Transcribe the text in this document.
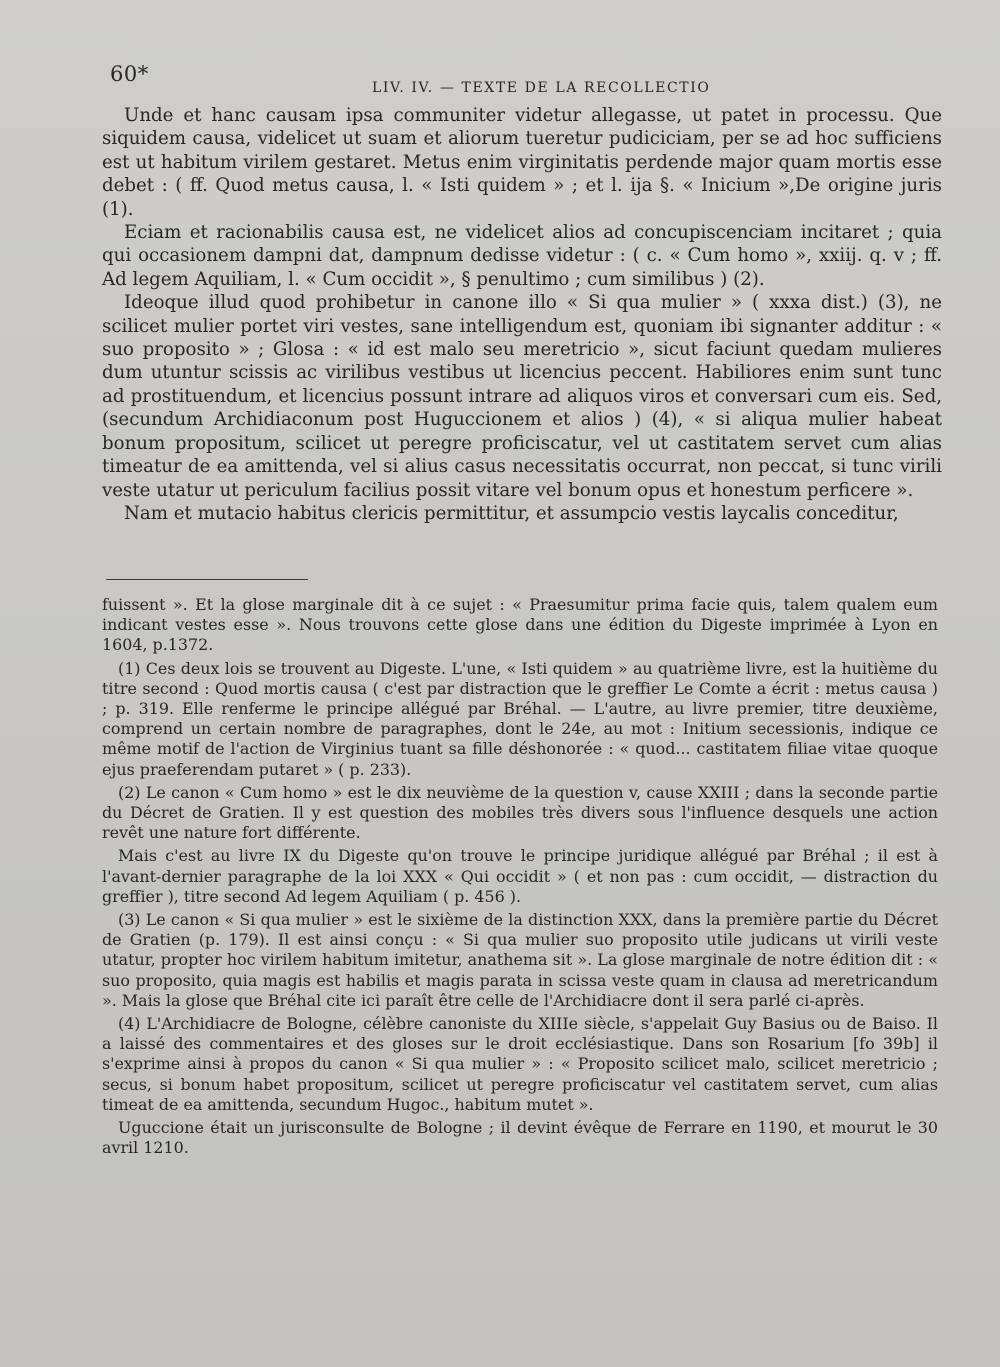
60*
LIV. IV. — TEXTE DE LA RECOLLECTIO

Unde et hanc causam ipsa communiter videtur allegasse, ut patet in processu. Que siquidem causa, videlicet ut suam et aliorum tueretur pudiciciam, per se ad hoc sufficiens est ut habitum virilem gestaret. Metus enim virginitatis perdende major quam mortis esse debet : ( ff. Quod metus causa, l. « Isti quidem » ; et l. ija §. « Inicium »,De origine juris (1).

Eciam et racionabilis causa est, ne videlicet alios ad concupiscenciam incitaret ; quia qui occasionem dampni dat, dampnum dedisse videtur : ( c. « Cum homo », xxiij. q. v ; ff. Ad legem Aquiliam, l. « Cum occidit », § penultimo ; cum similibus ) (2).

Ideoque illud quod prohibetur in canone illo « Si qua mulier » ( xxxa dist.) (3), ne scilicet mulier portet viri vestes, sane intelligendum est, quoniam ibi signanter additur : « suo proposito » ; Glosa : « id est malo seu meretricio », sicut faciunt quedam mulieres dum utuntur scissis ac virilibus vestibus ut licencius peccent. Habiliores enim sunt tunc ad prostituendum, et licencius possunt intrare ad aliquos viros et conversari cum eis. Sed, (secundum Archidiaconum post Huguccionem et alios ) (4), « si aliqua mulier habeat bonum propositum, scilicet ut peregre proficiscatur, vel ut castitatem servet cum alias timeatur de ea amittenda, vel si alius casus necessitatis occurrat, non peccat, si tunc virili veste utatur ut periculum facilius possit vitare vel bonum opus et honestum perficere ».

Nam et mutacio habitus clericis permittitur, et assumpcio vestis laycalis conceditur,

fuissent ». Et la glose marginale dit à ce sujet : « Praesumitur prima facie quis, talem qualem eum indicant vestes esse ». Nous trouvons cette glose dans une édition du Digeste imprimée à Lyon en 1604, p.1372.

(1) Ces deux lois se trouvent au Digeste. L'une, « Isti quidem » au quatrième livre, est la huitième du titre second : Quod mortis causa ( c'est par distraction que le greffier Le Comte a écrit : metus causa ) ; p. 319. Elle renferme le principe allégué par Bréhal. — L'autre, au livre premier, titre deuxième, comprend un certain nombre de paragraphes, dont le 24e, au mot : Initium secessionis, indique ce même motif de l'action de Virginius tuant sa fille déshonorée : « quod... castitatem filiae vitae quoque ejus praeferendam putaret » ( p. 233).

(2) Le canon « Cum homo » est le dix neuvième de la question v, cause XXIII ; dans la seconde partie du Décret de Gratien. Il y est question des mobiles très divers sous l'influence desquels une action revêt une nature fort différente.

Mais c'est au livre IX du Digeste qu'on trouve le principe juridique allégué par Bréhal ; il est à l'avant-dernier paragraphe de la loi XXX « Qui occidit » ( et non pas : cum occidit, — distraction du greffier ), titre second Ad legem Aquiliam ( p. 456 ).

(3) Le canon « Si qua mulier » est le sixième de la distinction XXX, dans la première partie du Décret de Gratien (p. 179). Il est ainsi conçu : « Si qua mulier suo proposito utile judicans ut virili veste utatur, propter hoc virilem habitum imitetur, anathema sit ». La glose marginale de notre édition dit : « suo proposito, quia magis est habilis et magis parata in scissa veste quam in clausa ad meretricandum ». Mais la glose que Bréhal cite ici paraît être celle de l'Archidiacre dont il sera parlé ci-après.

(4) L'Archidiacre de Bologne, célèbre canoniste du XIIIe siècle, s'appelait Guy Basius ou de Baiso. Il a laissé des commentaires et des gloses sur le droit ecclésiastique. Dans son Rosarium [fo 39b] il s'exprime ainsi à propos du canon « Si qua mulier » : « Proposito scilicet malo, scilicet meretricio ; secus, si bonum habet propositum, scilicet ut peregre proficiscatur vel castitatem servet, cum alias timeat de ea amittenda, secundum Hugoc., habitum mutet ».

Uguccione était un jurisconsulte de Bologne ; il devint évêque de Ferrare en 1190, et mourut le 30 avril 1210.
